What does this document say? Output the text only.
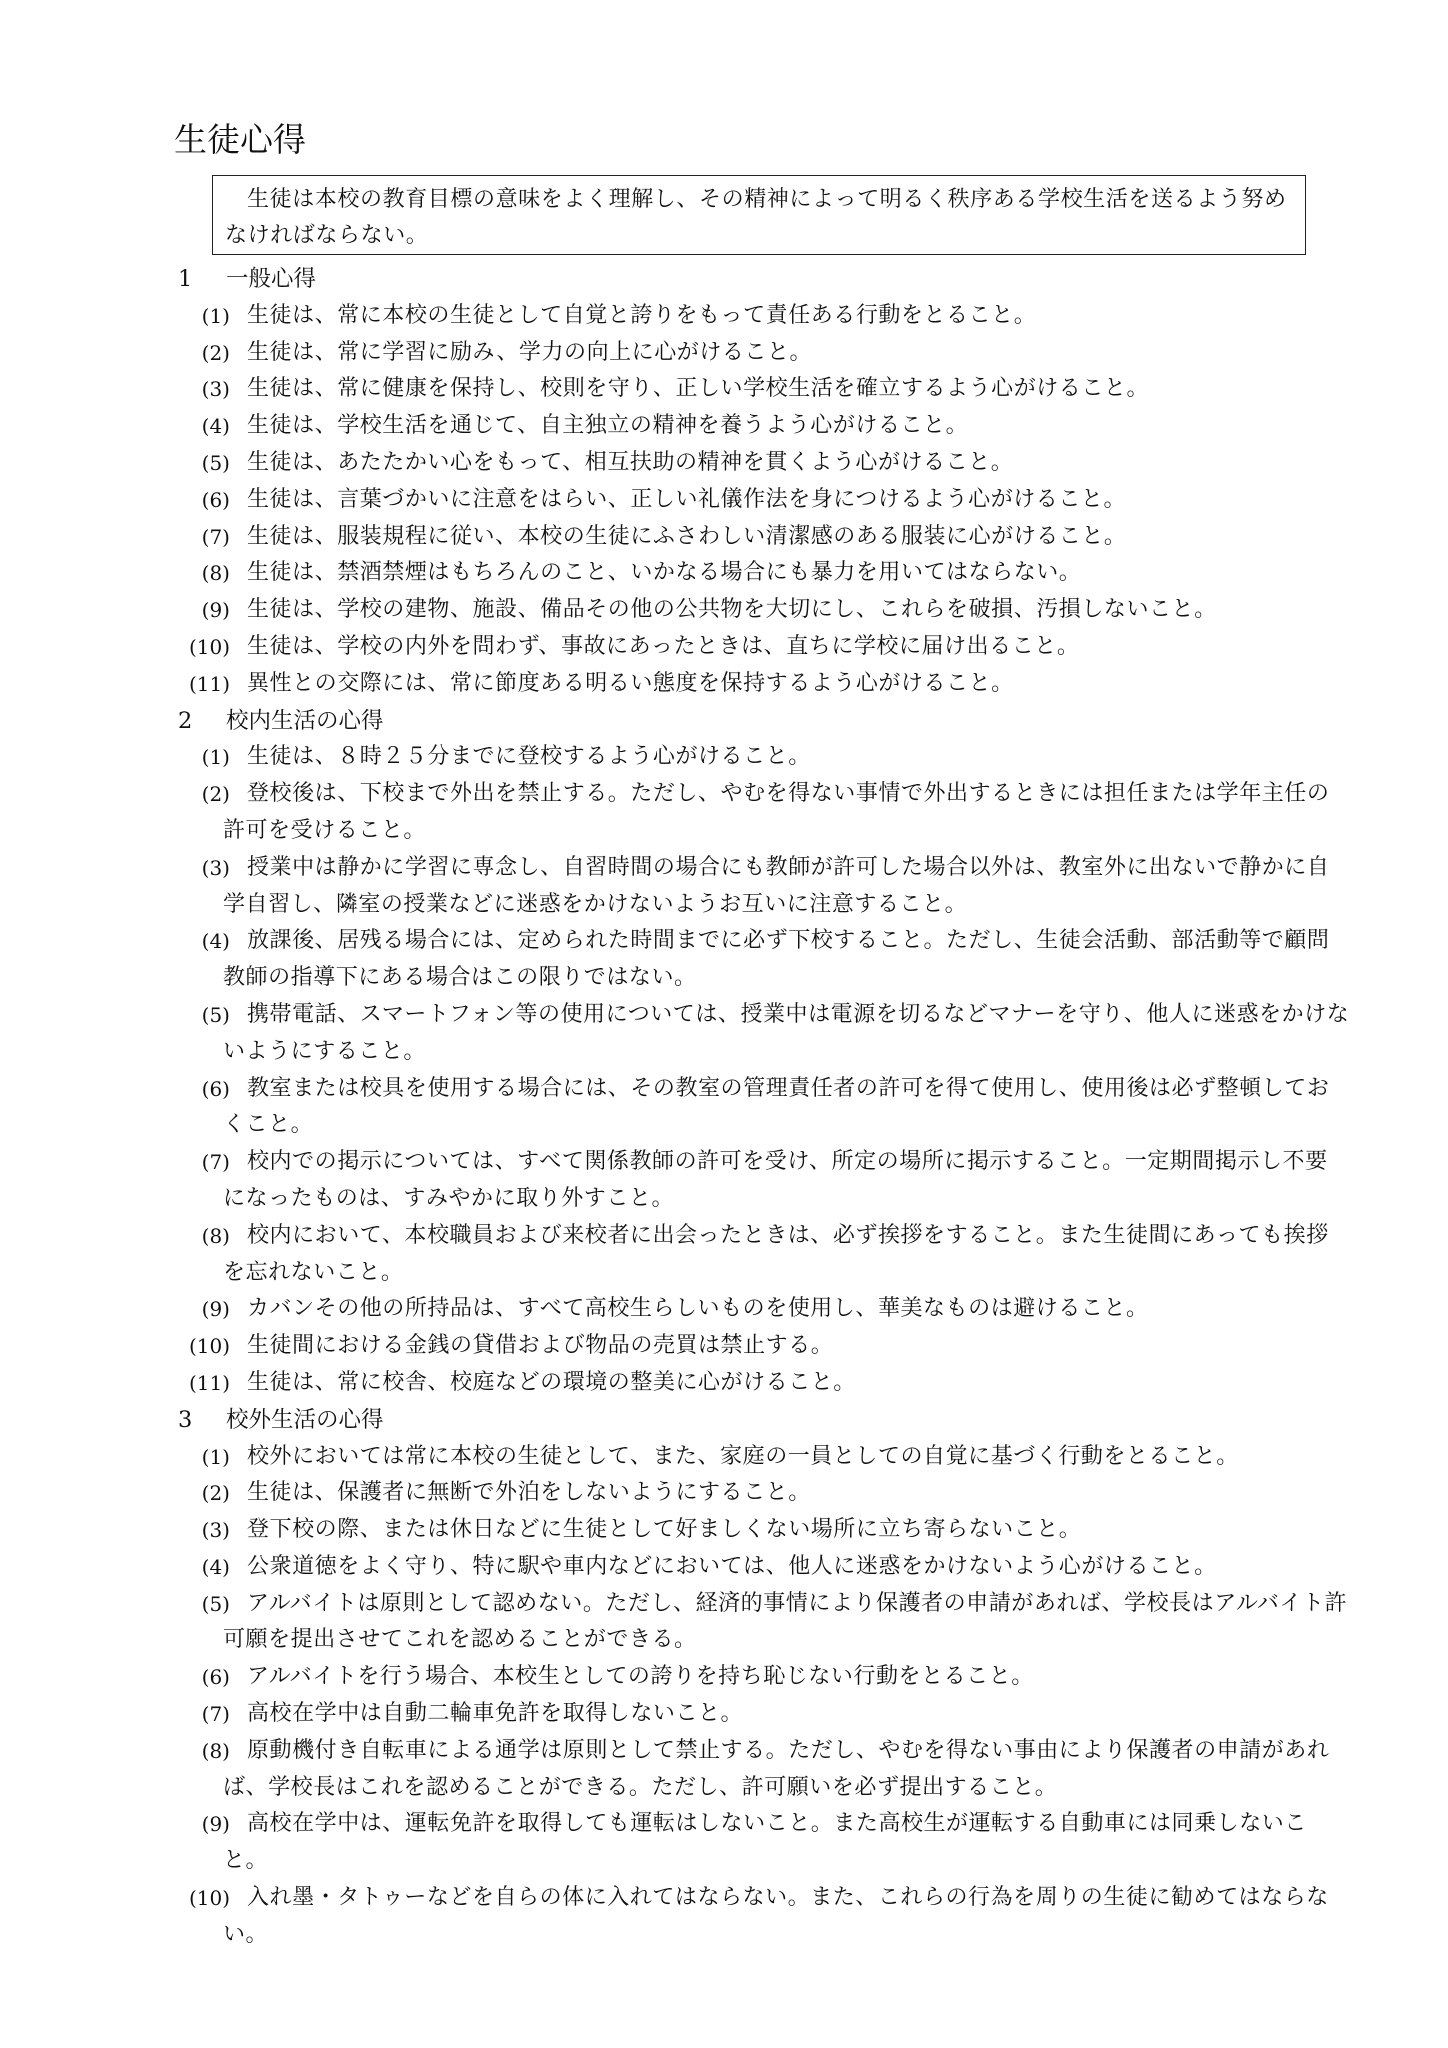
生徒心得
生徒は本校の教育目標の意味をよく理解し、その精神によって明るく秩序ある学校生活を送るよう努めなければならない。
1 一般心得
(1) 生徒は、常に本校の生徒として自覚と誇りをもって責任ある行動をとること。
(2) 生徒は、常に学習に励み、学力の向上に心がけること。
(3) 生徒は、常に健康を保持し、校則を守り、正しい学校生活を確立するよう心がけること。
(4) 生徒は、学校生活を通じて、自主独立の精神を養うよう心がけること。
(5) 生徒は、あたたかい心をもって、相互扶助の精神を貫くよう心がけること。
(6) 生徒は、言葉づかいに注意をはらい、正しい礼儀作法を身につけるよう心がけること。
(7) 生徒は、服装規程に従い、本校の生徒にふさわしい清潔感のある服装に心がけること。
(8) 生徒は、禁酒禁煙はもちろんのこと、いかなる場合にも暴力を用いてはならない。
(9) 生徒は、学校の建物、施設、備品その他の公共物を大切にし、これらを破損、汚損しないこと。
(10) 生徒は、学校の内外を問わず、事故にあったときは、直ちに学校に届け出ること。
(11) 異性との交際には、常に節度ある明るい態度を保持するよう心がけること。
2 校内生活の心得
(1) 生徒は、８時２５分までに登校するよう心がけること。
(2) 登校後は、下校まで外出を禁止する。ただし、やむを得ない事情で外出するときには担任または学年主任の許可を受けること。
(3) 授業中は静かに学習に専念し、自習時間の場合にも教師が許可した場合以外は、教室外に出ないで静かに自学自習し、隣室の授業などに迷惑をかけないようお互いに注意すること。
(4) 放課後、居残る場合には、定められた時間までに必ず下校すること。ただし、生徒会活動、部活動等で顧問教師の指導下にある場合はこの限りではない。
(5) 携帯電話、スマートフォン等の使用については、授業中は電源を切るなどマナーを守り、他人に迷惑をかけないようにすること。
(6) 教室または校具を使用する場合には、その教室の管理責任者の許可を得て使用し、使用後は必ず整頓しておくこと。
(7) 校内での掲示については、すべて関係教師の許可を受け、所定の場所に掲示すること。一定期間掲示し不要になったものは、すみやかに取り外すこと。
(8) 校内において、本校職員および来校者に出会ったときは、必ず挨拶をすること。また生徒間にあっても挨拶を忘れないこと。
(9) カバンその他の所持品は、すべて高校生らしいものを使用し、華美なものは避けること。
(10) 生徒間における金銭の貸借および物品の売買は禁止する。
(11) 生徒は、常に校舎、校庭などの環境の整美に心がけること。
3 校外生活の心得
(1) 校外においては常に本校の生徒として、また、家庭の一員としての自覚に基づく行動をとること。
(2) 生徒は、保護者に無断で外泊をしないようにすること。
(3) 登下校の際、または休日などに生徒として好ましくない場所に立ち寄らないこと。
(4) 公衆道徳をよく守り、特に駅や車内などにおいては、他人に迷惑をかけないよう心がけること。
(5) アルバイトは原則として認めない。ただし、経済的事情により保護者の申請があれば、学校長はアルバイト許可願を提出させてこれを認めることができる。
(6) アルバイトを行う場合、本校生としての誇りを持ち恥じない行動をとること。
(7) 高校在学中は自動二輪車免許を取得しないこと。
(8) 原動機付き自転車による通学は原則として禁止する。ただし、やむを得ない事由により保護者の申請があれば、学校長はこれを認めることができる。ただし、許可願いを必ず提出すること。
(9) 高校在学中は、運転免許を取得しても運転はしないこと。また高校生が運転する自動車には同乗しないこと。
(10) 入れ墨・タトゥーなどを自らの体に入れてはならない。また、これらの行為を周りの生徒に勧めてはならない。
